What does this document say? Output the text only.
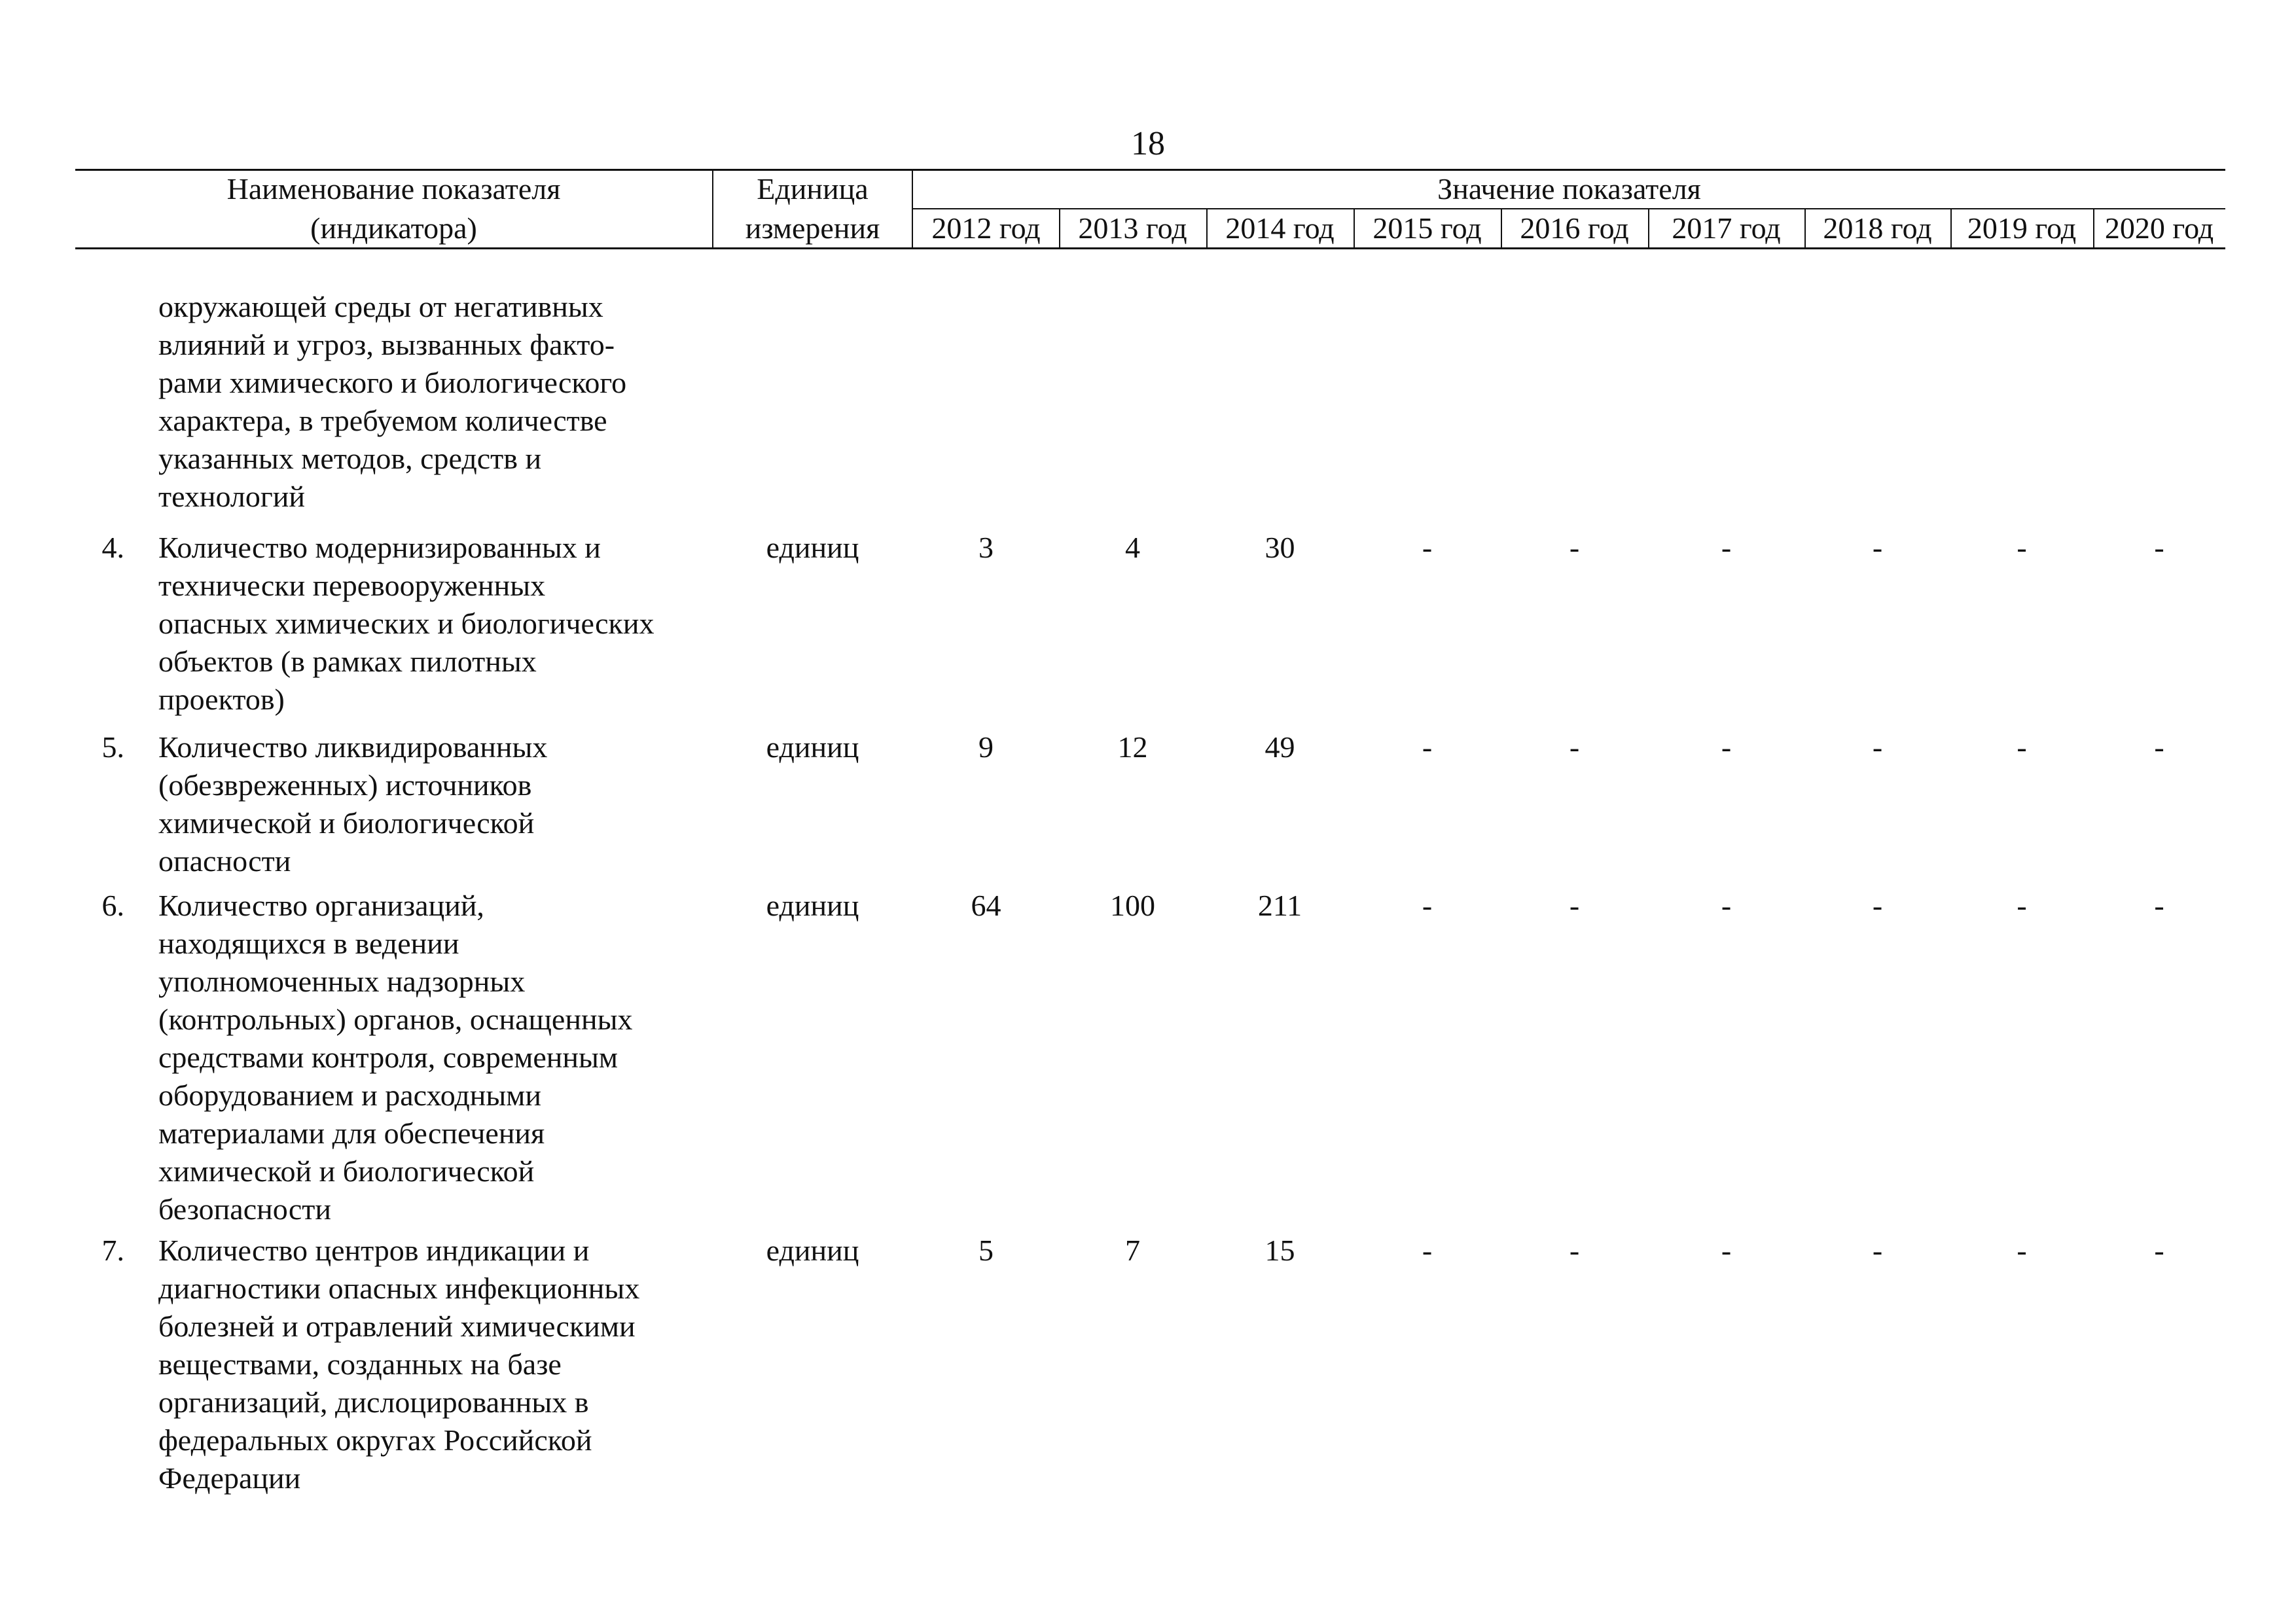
18
Наименование показателя
(индикатора)
Единица
измерения
Значение показателя
2012 год	2013 год	2014 год	2015 год	2016 год	2017 год	2018 год	2019 год 2020 год
окружающей среды от негативных
влияний и угроз, вызванных факто-
рами химического и биологического
характера, в требуемом количестве
указанных методов, средств и
технологий
4. Количество модернизированных и
технически перевооруженных
опасных химических и биологических
объектов (в рамках пилотных
проектов)
единиц	3	4	30	-	-	-	-	-	-
5. Количество ликвидированных
(обезвреженных) источников
химической и биологической
опасности
единиц	9	12	49	-	-	-	-	-	-
6. Количество организаций,
находящихся в ведении
уполномоченных надзорных
(контрольных) органов, оснащенных
средствами контроля, современным
оборудованием и расходными
материалами для обеспечения
химической и биологической
безопасности
единиц	64	100	211	-	-	-	-	-	-
7. Количество центров индикации и
диагностики опасных инфекционных
болезней и отравлений химическими
веществами, созданных на базе
организаций, дислоцированных в
федеральных округах Российской
Федерации
единиц	5	7	15	-	-	-	-	-	-
